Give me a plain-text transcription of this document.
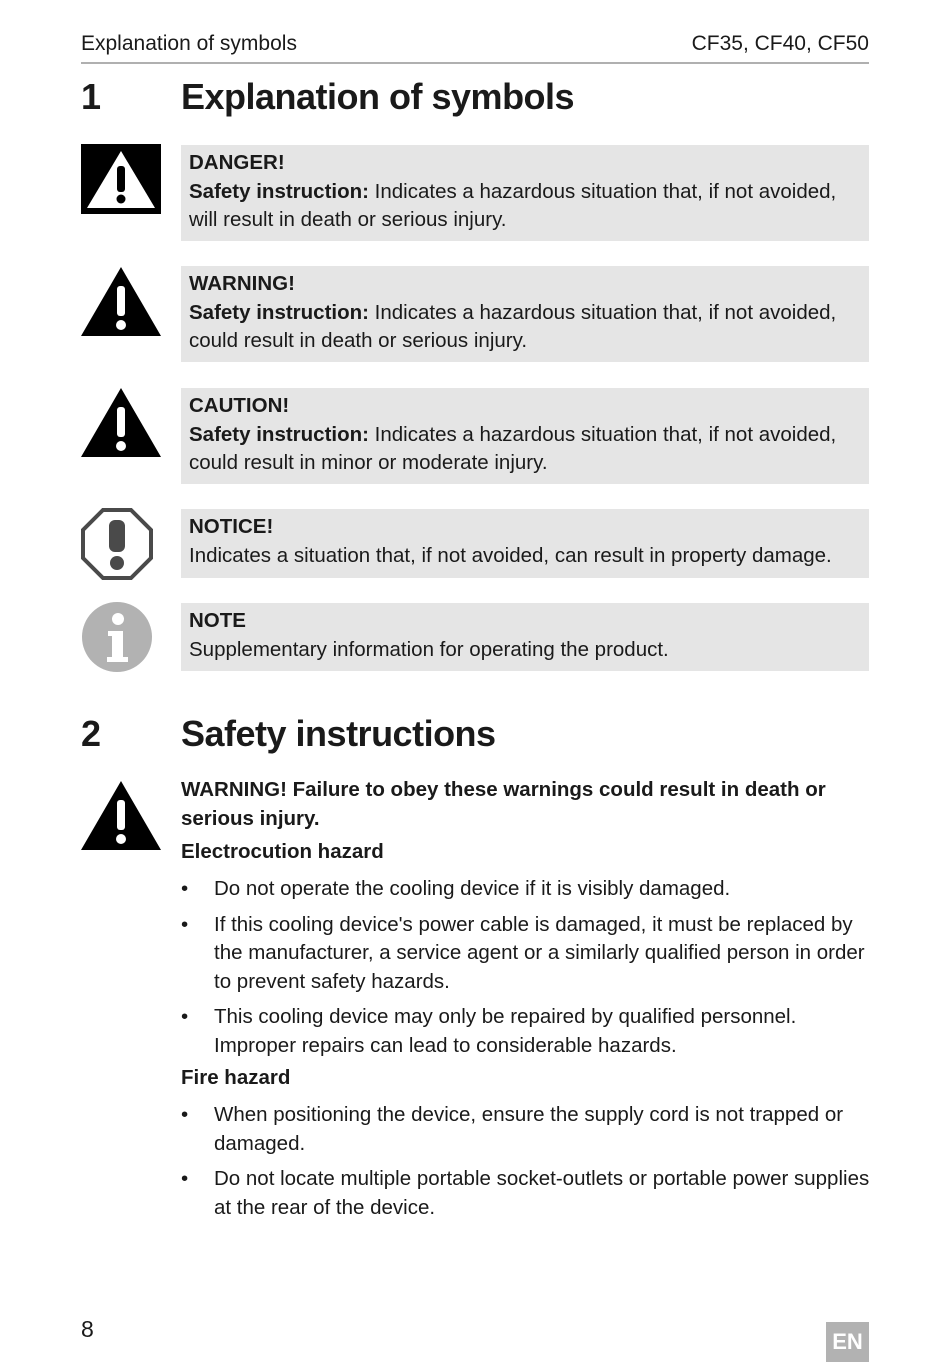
Explanation of symbols	CF35, CF40, CF50
1 Explanation of symbols
DANGER!
Safety instruction: Indicates a hazardous situation that, if not avoided, will result in death or serious injury.
WARNING!
Safety instruction: Indicates a hazardous situation that, if not avoided, could result in death or serious injury.
CAUTION!
Safety instruction: Indicates a hazardous situation that, if not avoided, could result in minor or moderate injury.
NOTICE!
Indicates a situation that, if not avoided, can result in property damage.
NOTE
Supplementary information for operating the product.
2 Safety instructions
WARNING! Failure to obey these warnings could result in death or serious injury.
Electrocution hazard
• Do not operate the cooling device if it is visibly damaged.
• If this cooling device's power cable is damaged, it must be replaced by the manufacturer, a service agent or a similarly qualified person in order to prevent safety hazards.
• This cooling device may only be repaired by qualified personnel. Improper repairs can lead to considerable hazards.
Fire hazard
• When positioning the device, ensure the supply cord is not trapped or damaged.
• Do not locate multiple portable socket-outlets or portable power supplies at the rear of the device.
8	EN
